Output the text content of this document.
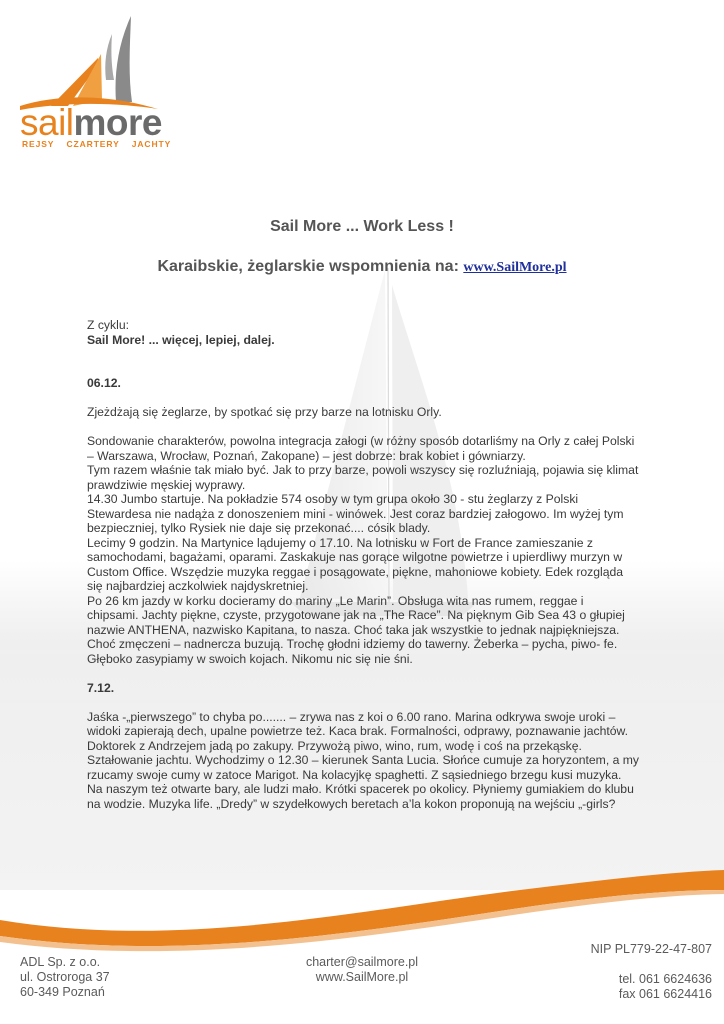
sailmore
REJSY CZARTERY JACHTY
Sail More ... Work Less !
Karaibskie, żeglarskie wspomnienia na: www.SailMore.pl

Z cyklu:

Sail More! ... więcej, lepiej, dalej.

06.12.

Zjeżdżają się żeglarze, by spotkać się przy barze na lotnisku Orly.

Sondowanie charakterów, powolna integracja załogi (w różny sposób dotarliśmy na Orly z całej Polski

– Warszawa, Wrocław, Poznań, Zakopane) – jest dobrze: brak kobiet i gówniarzy.

Tym razem właśnie tak miało być. Jak to przy barze, powoli wszyscy się rozluźniają, pojawia się klimat

prawdziwie męskiej wyprawy.

14.30 Jumbo startuje. Na pokładzie 574 osoby w tym grupa około 30 - stu żeglarzy z Polski

Stewardesa nie nadąża z donoszeniem mini - winówek. Jest coraz bardziej załogowo. Im wyżej tym

bezpieczniej, tylko Rysiek nie daje się przekonać.... cósik blady.

Lecimy 9 godzin. Na Martynice lądujemy o 17.10. Na lotnisku w Fort de France zamieszanie z

samochodami, bagażami, oparami. Zaskakuje nas gorące wilgotne powietrze i upierdliwy murzyn w

Custom Office. Wszędzie muzyka reggae i posągowate, piękne, mahoniowe kobiety. Edek rozgląda

się najbardziej aczkolwiek najdyskretniej.

Po 26 km jazdy w korku docieramy do mariny „Le Marin”. Obsługa wita nas rumem, reggae i

chipsami. Jachty piękne, czyste, przygotowane jak na „The Race”. Na pięknym Gib Sea 43 o głupiej

nazwie ANTHENA, nazwisko Kapitana, to nasza. Choć taka jak wszystkie to jednak najpiękniejsza.

Choć zmęczeni – nadnercza buzują. Trochę głodni idziemy do tawerny. Żeberka – pycha, piwo- fe.

Głęboko zasypiamy w swoich kojach. Nikomu nic się nie śni.

7.12.

Jaśka -„pierwszego” to chyba po....... – zrywa nas z koi o 6.00 rano. Marina odkrywa swoje uroki –

widoki zapierają dech, upalne powietrze też. Kaca brak. Formalności, odprawy, poznawanie jachtów.

Doktorek z Andrzejem jadą po zakupy. Przywożą piwo, wino, rum, wodę i coś na przekąskę.

Ształowanie jachtu. Wychodzimy o 12.30 – kierunek Santa Lucia. Słońce cumuje za horyzontem, a my

rzucamy swoje cumy w zatoce Marigot. Na kolacyjkę spaghetti. Z sąsiedniego brzegu kusi muzyka.

Na naszym też otwarte bary, ale ludzi mało. Krótki spacerek po okolicy. Płyniemy gumiakiem do klubu

na wodzie. Muzyka life. „Dredy” w szydełkowych beretach a’la kokon proponują na wejściu „-girls?

ADL Sp. z o.o.
ul. Ostroroga 37
60-349 Poznań
charter@sailmore.pl
www.SailMore.pl
NIP PL779-22-47-807
tel. 061 6624636
fax 061 6624416
